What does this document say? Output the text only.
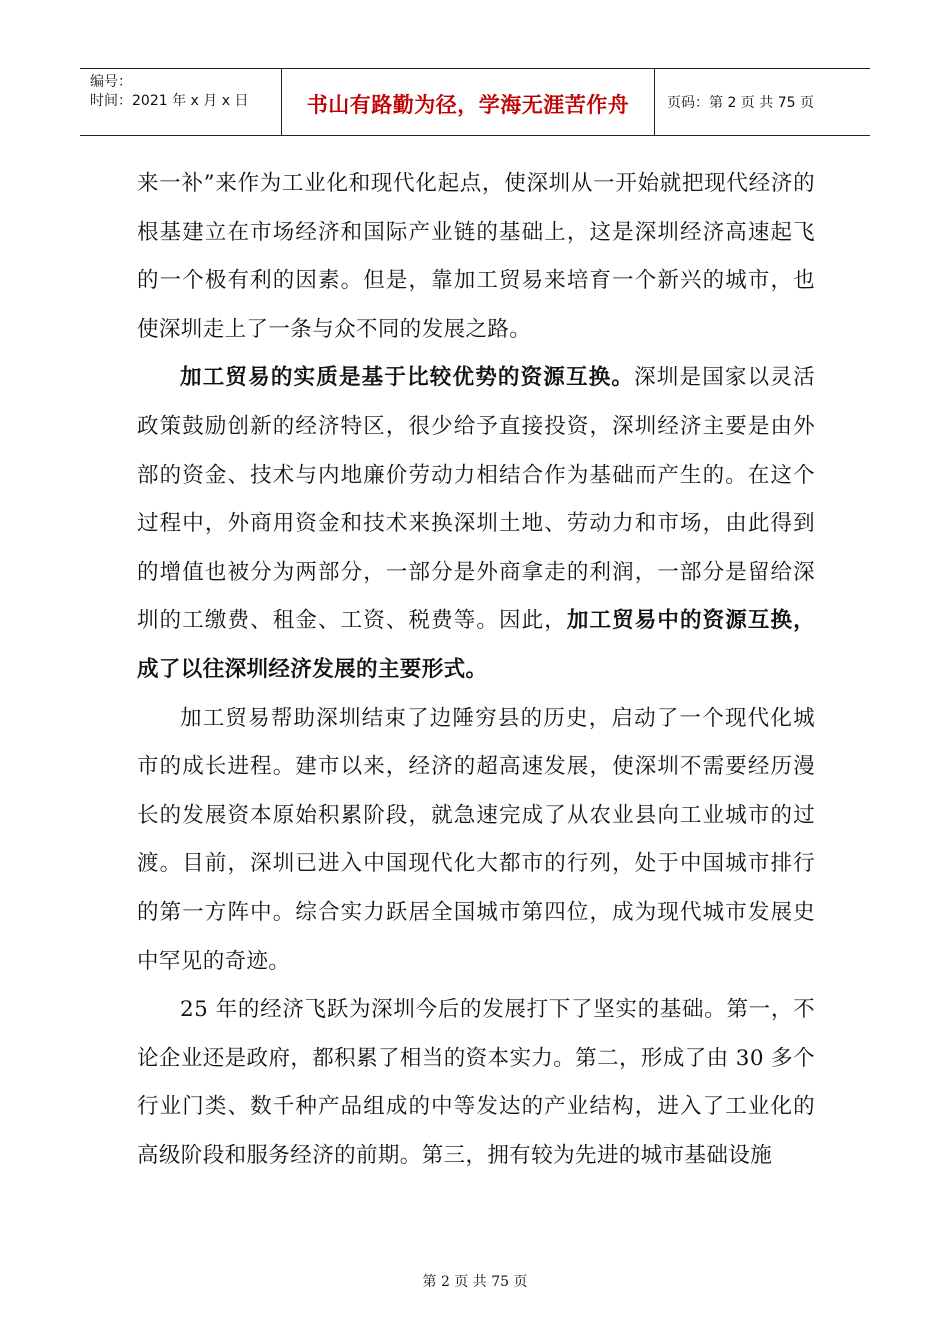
编号：
时间：2021 年 x 月 x 日	书山有路勤为径，学海无涯苦作舟	页码：第 2 页 共 75 页

来一补”来作为工业化和现代化起点，使深圳从一开始就把现代经济的根基建立在市场经济和国际产业链的基础上，这是深圳经济高速起飞的一个极有利的因素。但是，靠加工贸易来培育一个新兴的城市，也使深圳走上了一条与众不同的发展之路。

加工贸易的实质是基于比较优势的资源互换。深圳是国家以灵活政策鼓励创新的经济特区，很少给予直接投资，深圳经济主要是由外部的资金、技术与内地廉价劳动力相结合作为基础而产生的。在这个过程中，外商用资金和技术来换深圳土地、劳动力和市场，由此得到的增值也被分为两部分，一部分是外商拿走的利润，一部分是留给深圳的工缴费、租金、工资、税费等。因此，加工贸易中的资源互换，成了以往深圳经济发展的主要形式。

加工贸易帮助深圳结束了边陲穷县的历史，启动了一个现代化城市的成长进程。建市以来，经济的超高速发展，使深圳不需要经历漫长的发展资本原始积累阶段，就急速完成了从农业县向工业城市的过渡。目前，深圳已进入中国现代化大都市的行列，处于中国城市排行的第一方阵中。综合实力跃居全国城市第四位，成为现代城市发展史中罕见的奇迹。

25 年的经济飞跃为深圳今后的发展打下了坚实的基础。第一，不论企业还是政府，都积累了相当的资本实力。第二，形成了由 30 多个行业门类、数千种产品组成的中等发达的产业结构，进入了工业化的高级阶段和服务经济的前期。第三，拥有较为先进的城市基础设施

第 2 页 共 75 页
